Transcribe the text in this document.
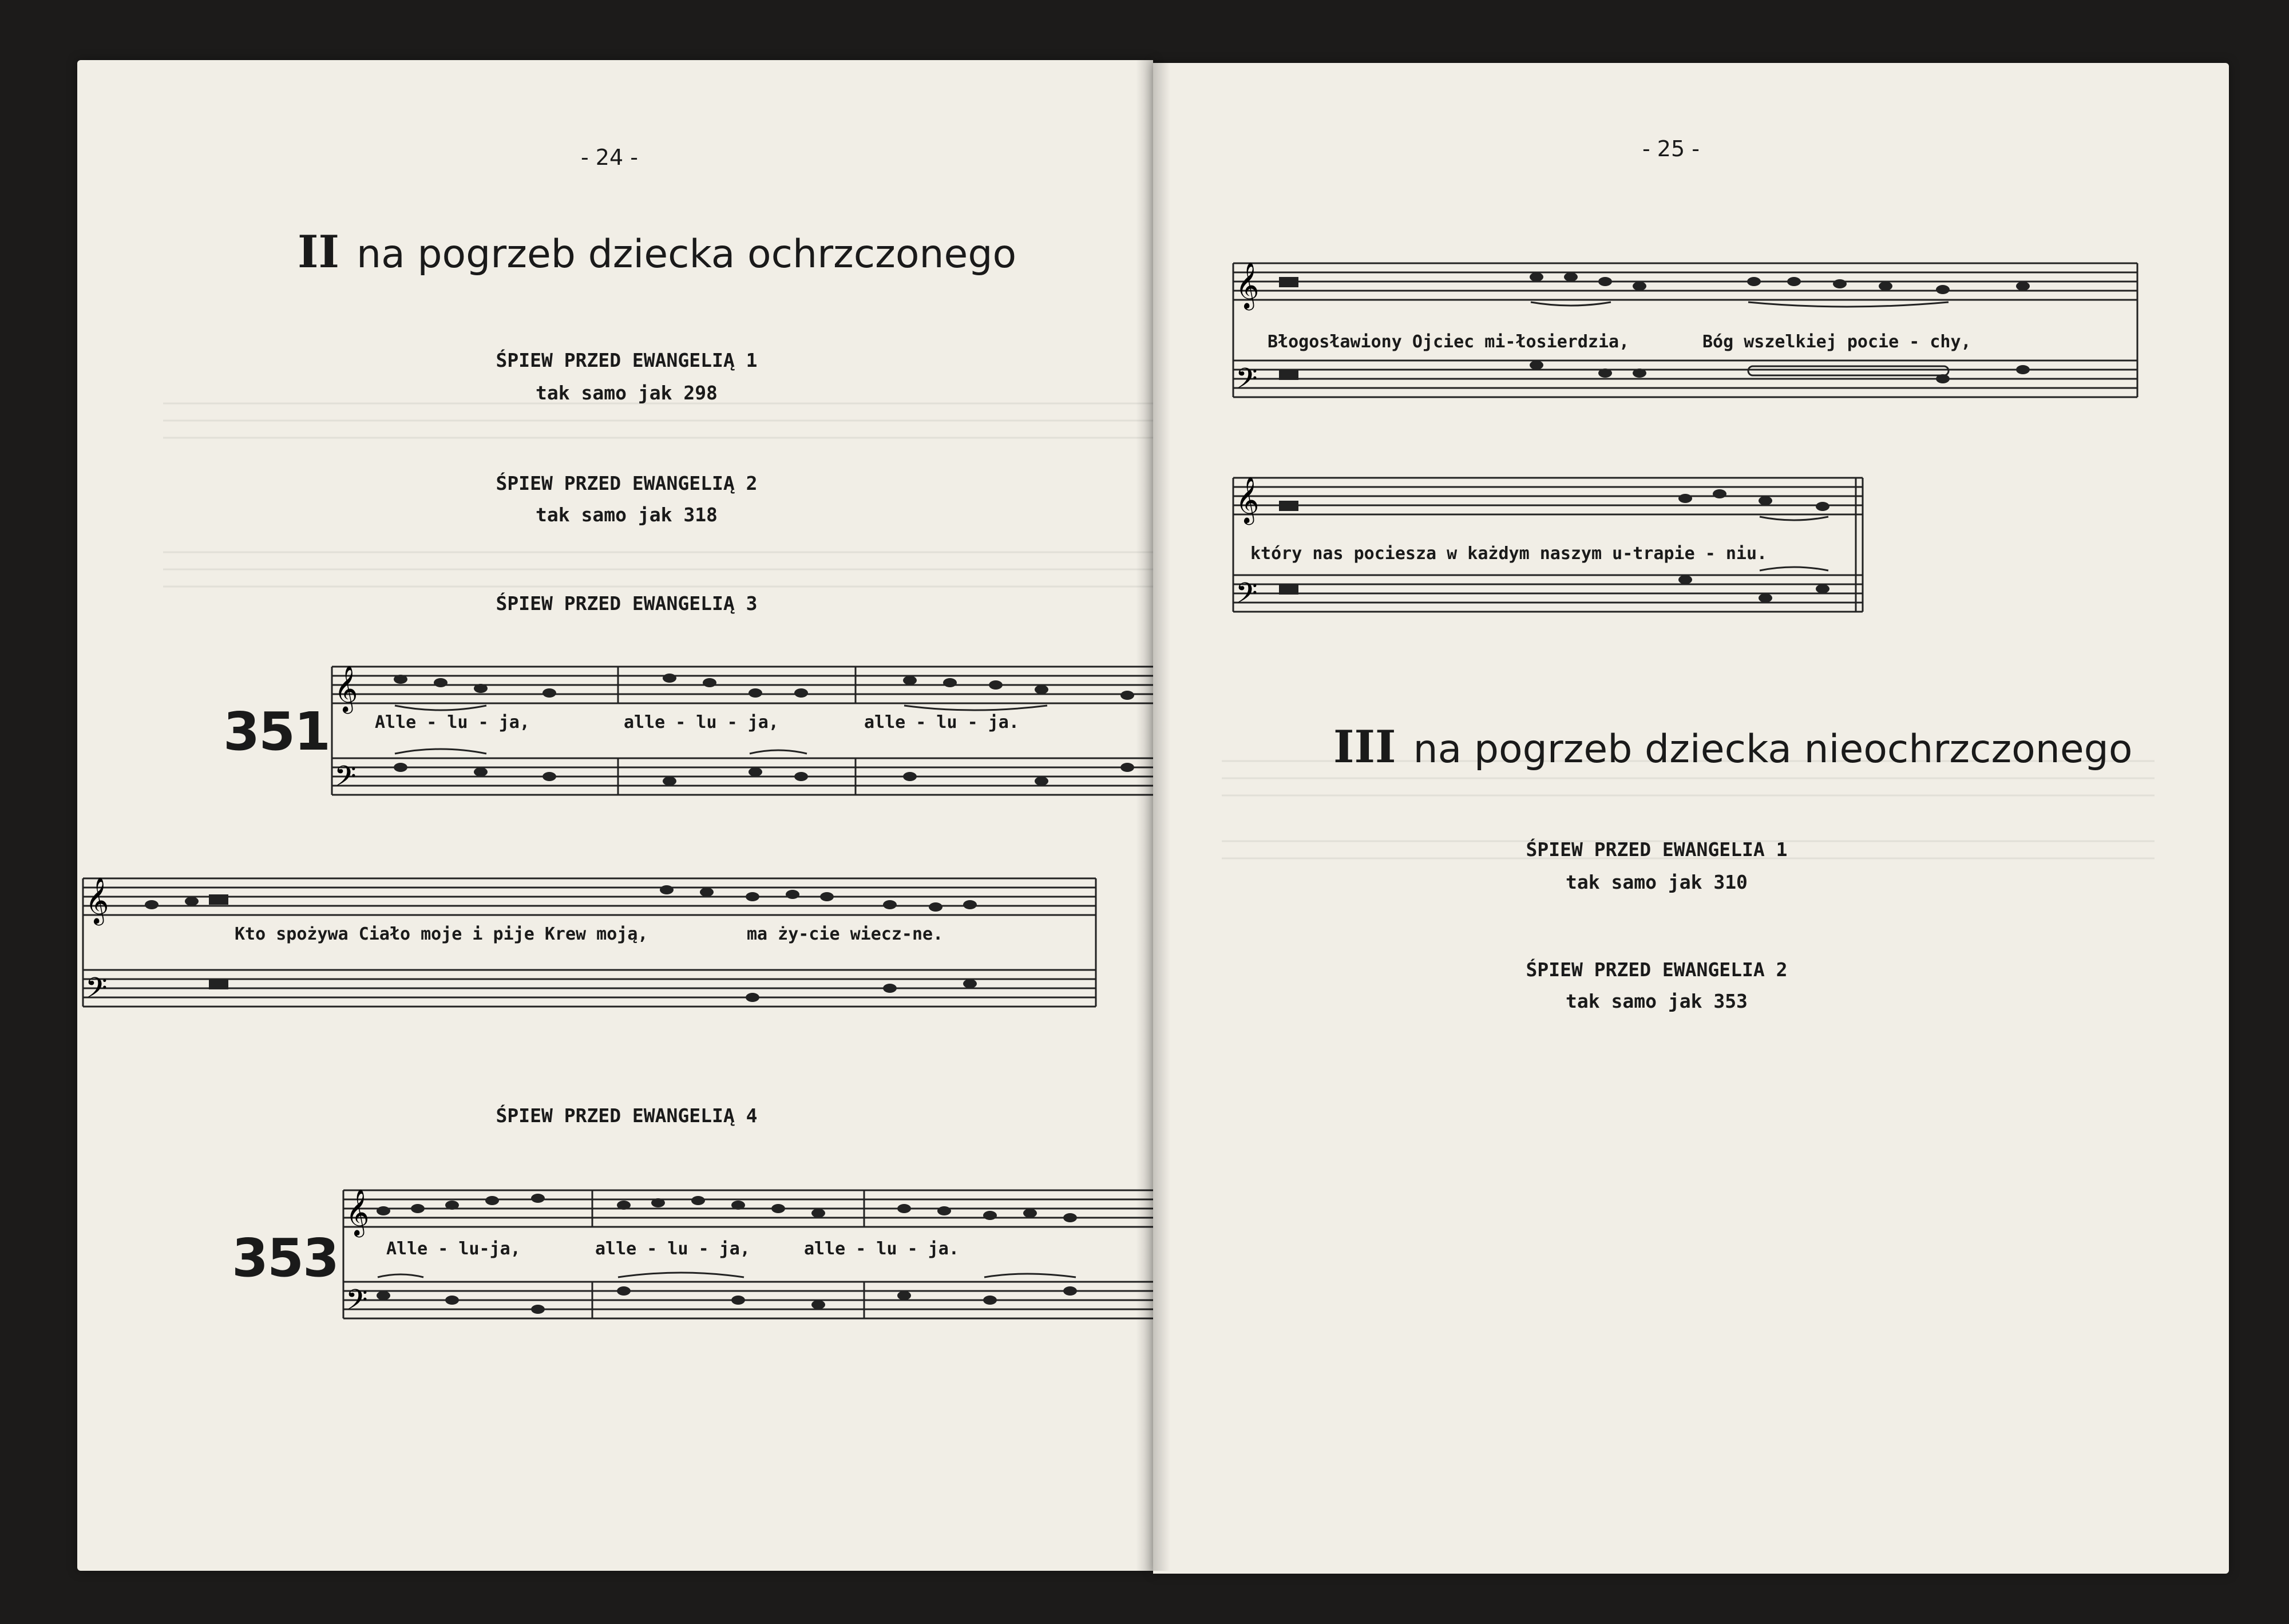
- 24 -
II na pogrzeb dziecka ochrzczonego
ŚPIEW PRZED EWANGELIĄ 1
tak samo jak 298
ŚPIEW PRZED EWANGELIĄ 2
tak samo jak 318
ŚPIEW PRZED EWANGELIĄ 3
351
𝄞
𝄢
Alle - lu - ja,	alle - lu - ja,	alle - lu - ja.
𝄞
𝄢
Kto spożywa Ciało moje i pije Krew moją,	ma ży-cie wiecz-ne.
ŚPIEW PRZED EWANGELIĄ 4
353
𝄞
𝄢
Alle - lu-ja,	alle - lu - ja,	alle - lu - ja.
- 25 -
𝄞
𝄢
Błogosławiony Ojciec mi-łosierdzia,	Bóg wszelkiej pocie - chy,
𝄞
𝄢
który nas pociesza w każdym naszym u-trapie - niu.
III na pogrzeb dziecka nieochrzczonego
ŚPIEW PRZED EWANGELIA 1
tak samo jak 310
ŚPIEW PRZED EWANGELIA 2
tak samo jak 353
